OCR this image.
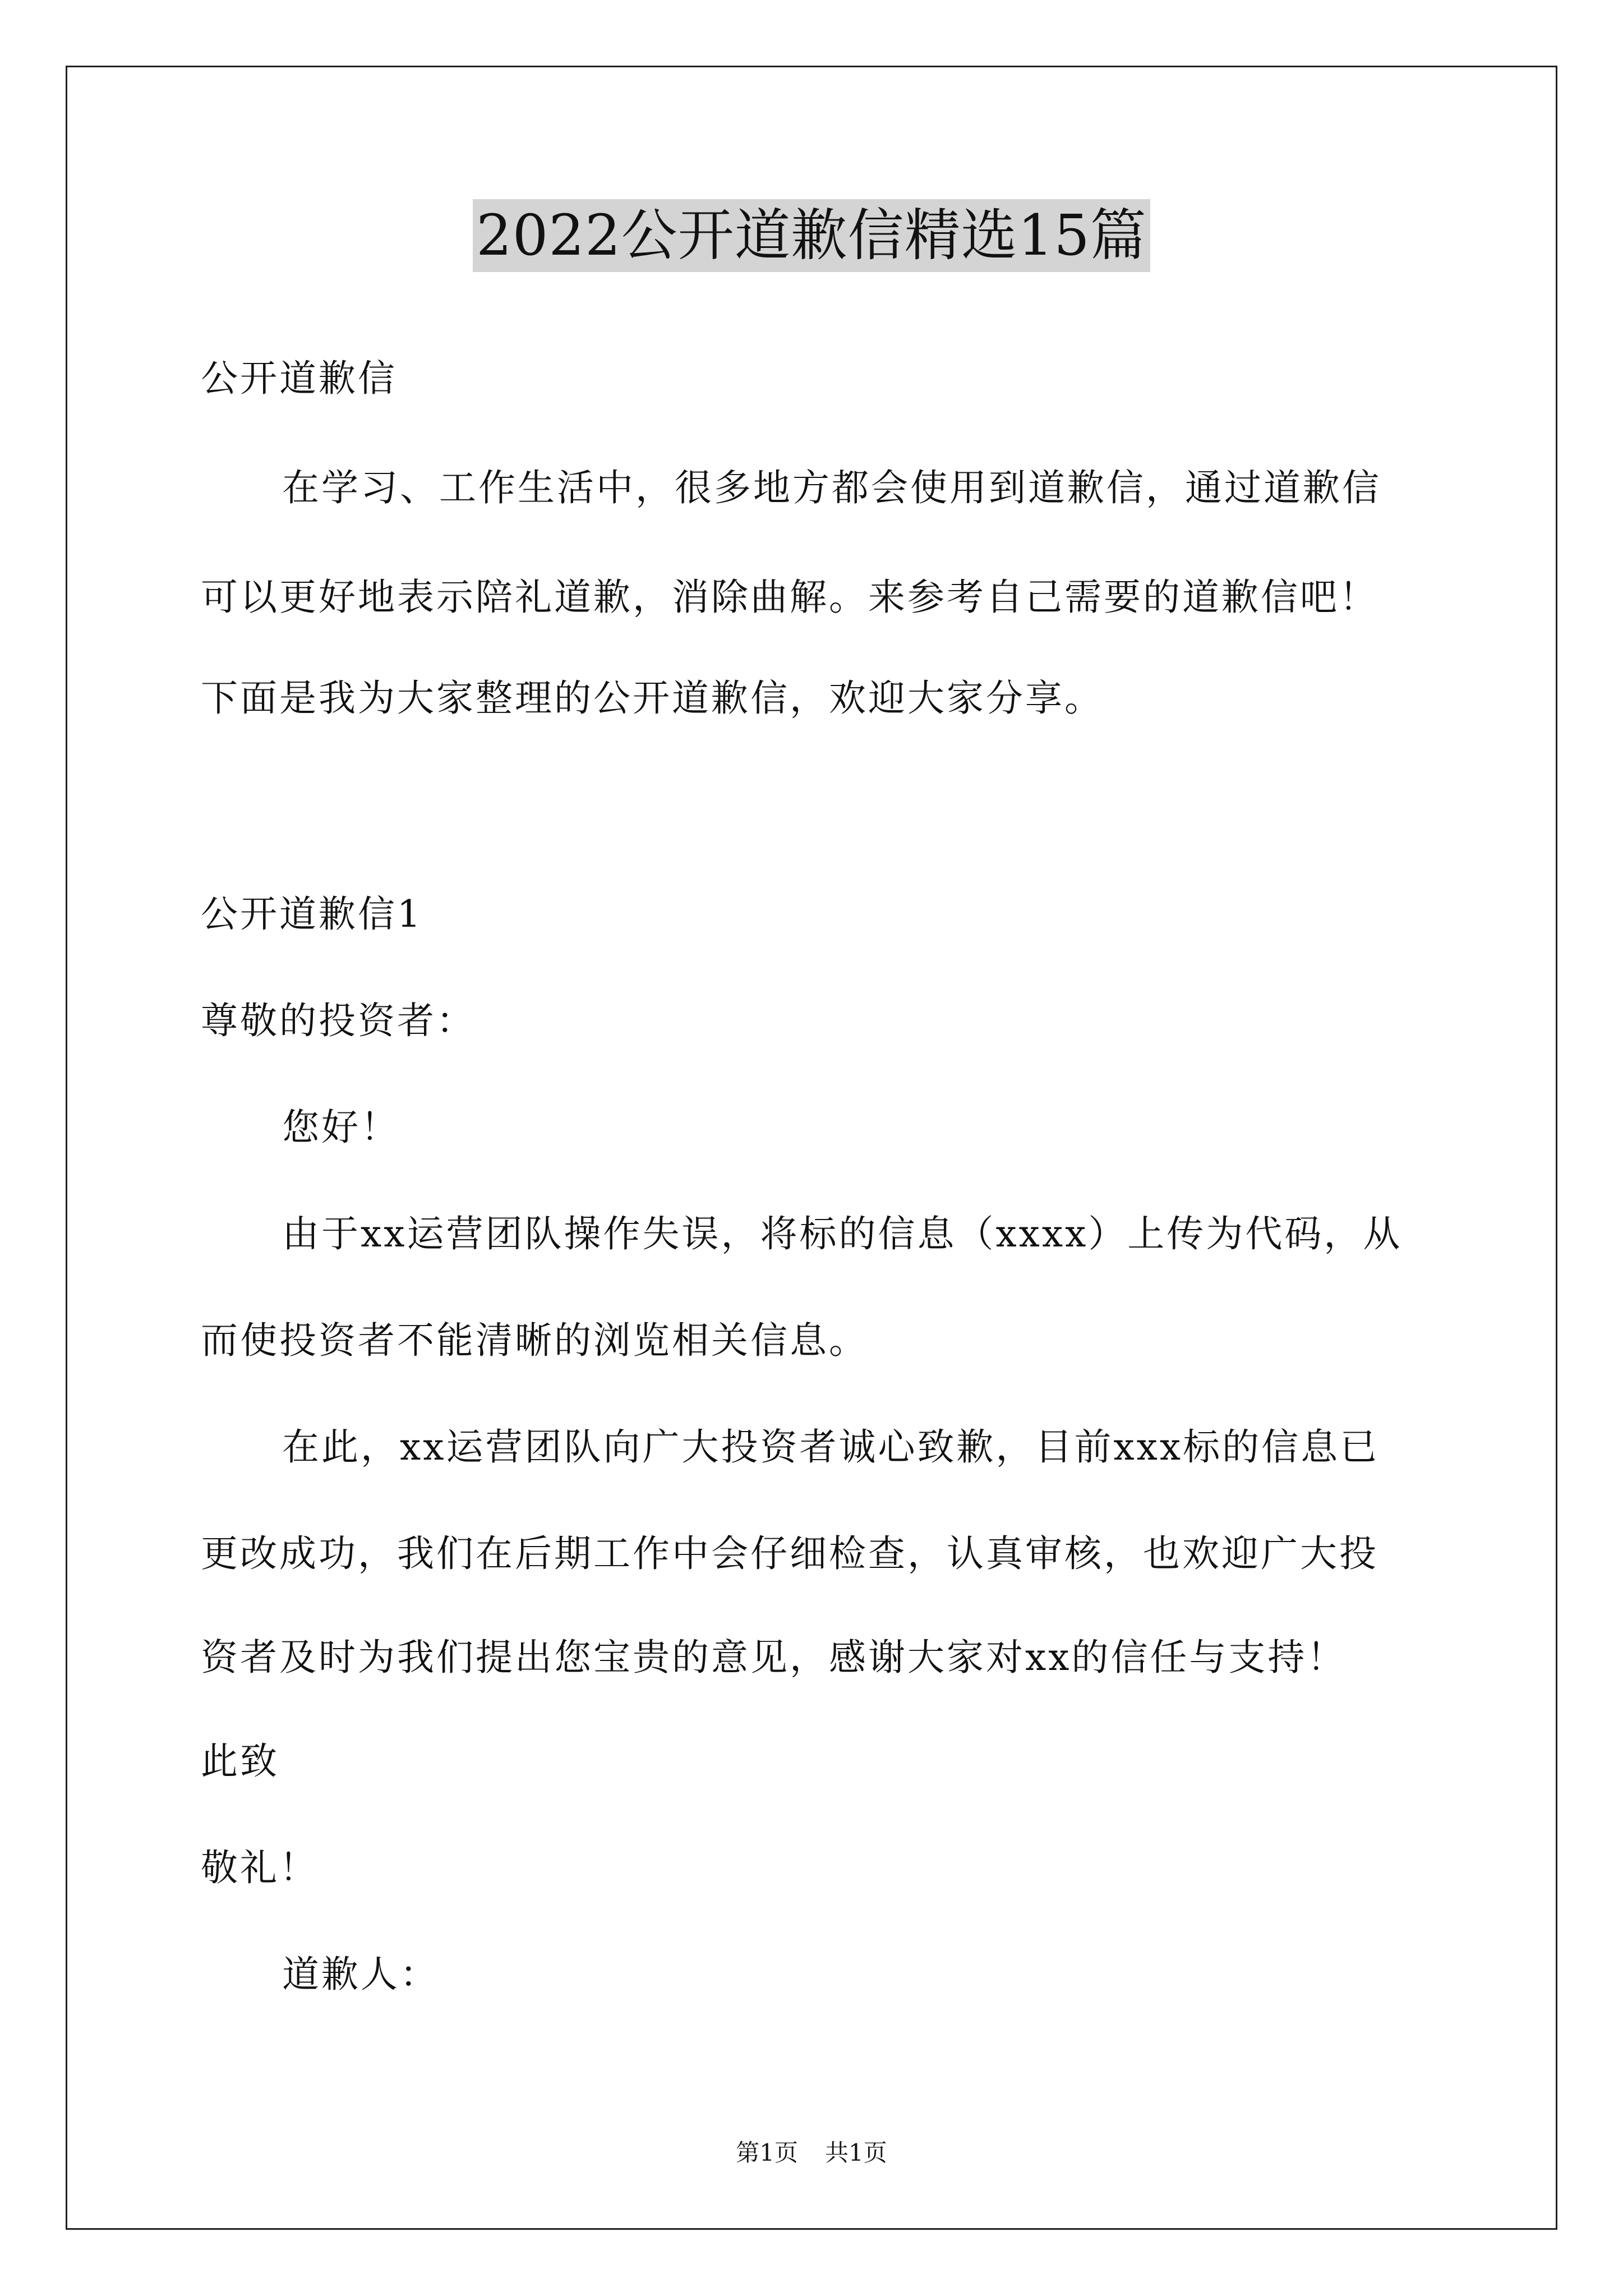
2022公开道歉信精选15篇
公开道歉信
在学习、工作生活中，很多地方都会使用到道歉信，通过道歉信
可以更好地表示陪礼道歉，消除曲解。来参考自己需要的道歉信吧！
下面是我为大家整理的公开道歉信，欢迎大家分享。
公开道歉信1
尊敬的投资者：
您好！
由于xx运营团队操作失误，将标的信息（xxxx）上传为代码，从
而使投资者不能清晰的浏览相关信息。
在此，xx运营团队向广大投资者诚心致歉，目前xxx标的信息已
更改成功，我们在后期工作中会仔细检查，认真审核，也欢迎广大投
资者及时为我们提出您宝贵的意见，感谢大家对xx的信任与支持！
此致
敬礼！
道歉人：
第1页 共1页
